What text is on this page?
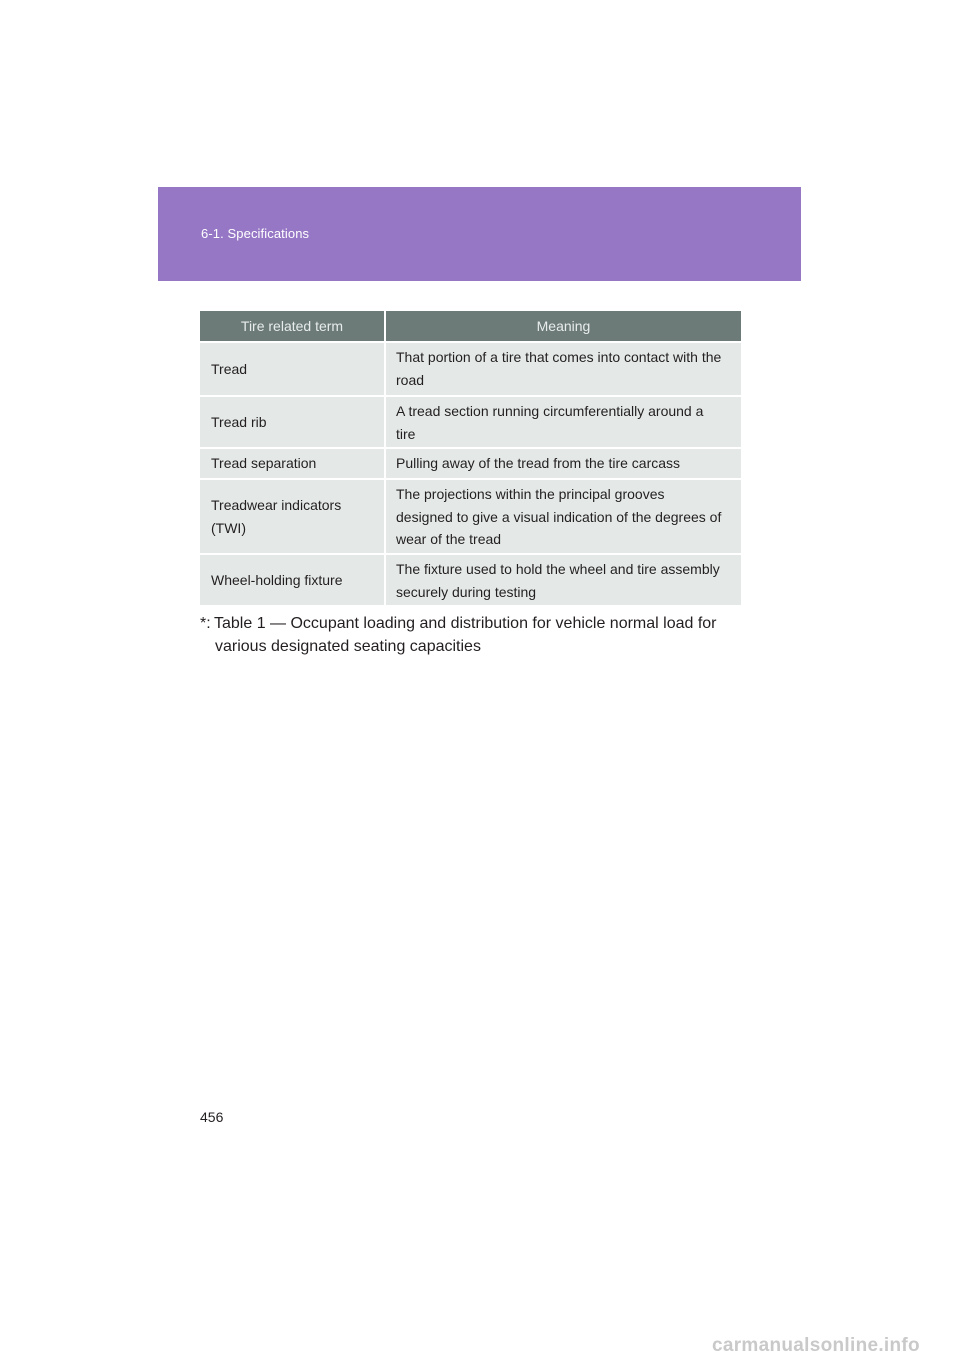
6-1. Specifications
Tire related term	Meaning
Tread	That portion of a tire that comes into contact with the
road

Tread rib	A tread section running circumferentially around a
tire

Tread separation	Pulling away of the tread from the tire carcass
Treadwear indicators
(TWI)	The projections within the principal grooves
designed to give a visual indication of the degrees of
wear of the tread

Wheel-holding fixture	The fixture used to hold the wheel and tire assembly
securely during testing
*: Table 1 — Occupant loading and distribution for vehicle normal load for
various designated seating capacities
456
carmanualsonline.info
